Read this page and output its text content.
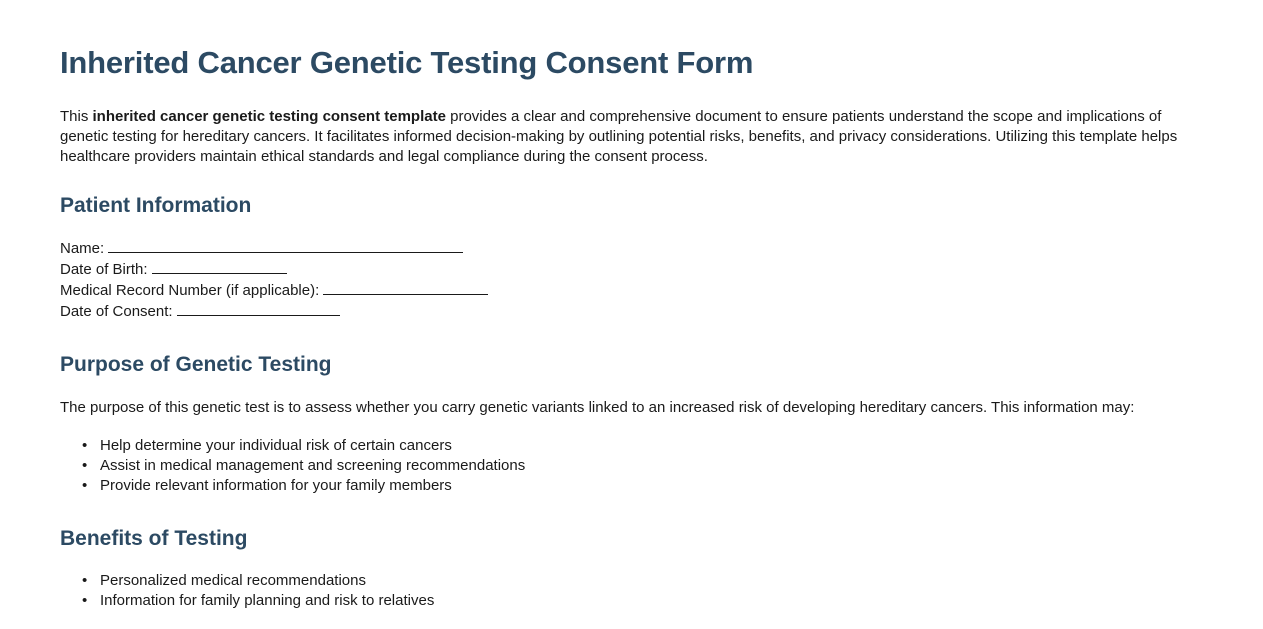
Inherited Cancer Genetic Testing Consent Form

This inherited cancer genetic testing consent template provides a clear and comprehensive document to ensure patients understand the scope and implications of genetic testing for hereditary cancers. It facilitates informed decision-making by outlining potential risks, benefits, and privacy considerations. Utilizing this template helps healthcare providers maintain ethical standards and legal compliance during the consent process.

Patient Information
Name:
Date of Birth:
Medical Record Number (if applicable):
Date of Consent:
Purpose of Genetic Testing

The purpose of this genetic test is to assess whether you carry genetic variants linked to an increased risk of developing hereditary cancers. This information may:

• Help determine your individual risk of certain cancers
• Assist in medical management and screening recommendations
• Provide relevant information for your family members
Benefits of Testing
• Personalized medical recommendations
• Information for family planning and risk to relatives
